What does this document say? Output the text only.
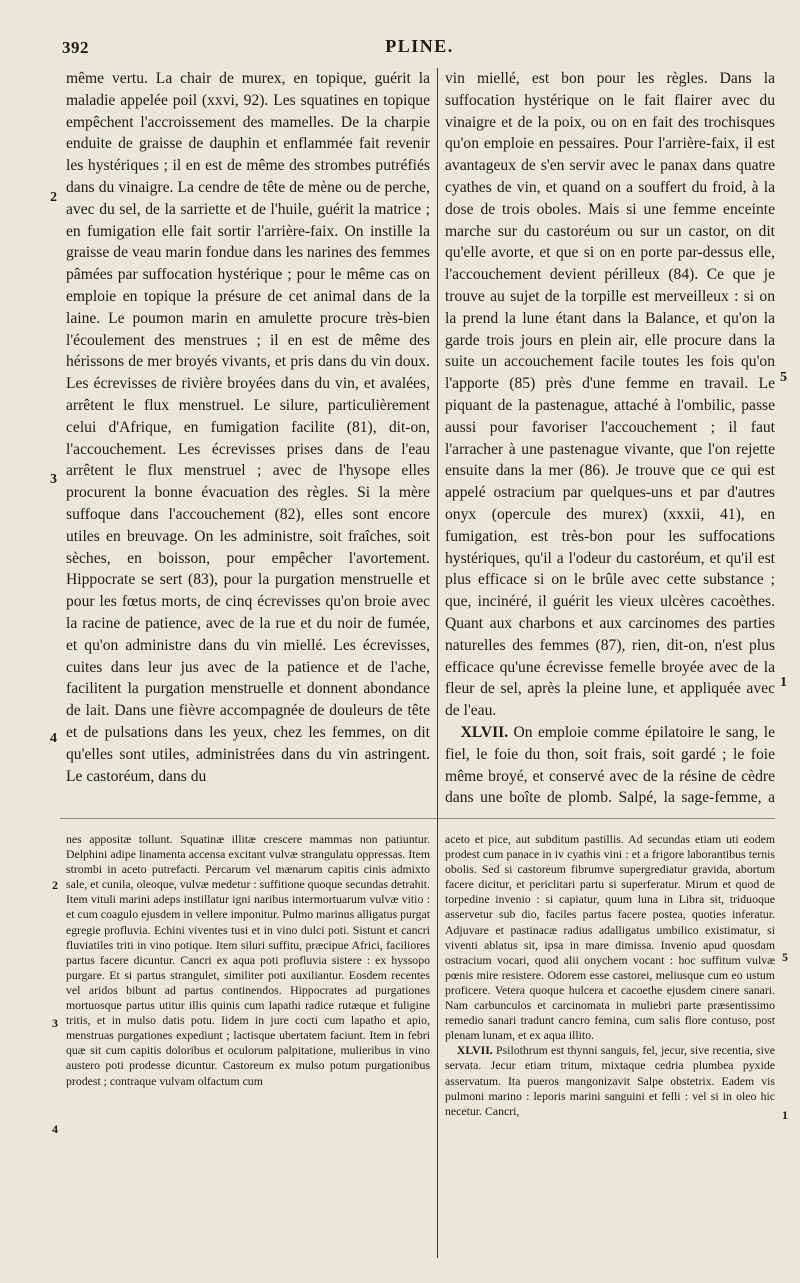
392	PLINE.

même vertu. La chair de murex, en topique, guérit la maladie appelée poil (xxvi, 92). Les squatines en topique empêchent l'accroissement des mamelles. De la charpie enduite de graisse de dauphin et enflammée fait revenir les hystériques ; il en est de même des strombes putréfiés dans du vinaigre. La cendre de tête de mène ou de perche, avec du sel, de la sarriette et de l'huile, guérit la matrice ; en fumigation elle fait sortir l'arrière-faix. On instille la graisse de veau marin fondue dans les narines des femmes pâmées par suffocation hystérique ; pour le même cas on emploie en topique la présure de cet animal dans de la laine. Le poumon marin en amulette procure très-bien l'écoulement des menstrues ; il en est de même des hérissons de mer broyés vivants, et pris dans du vin doux. Les écrevisses de rivière broyées dans du vin, et avalées, arrêtent le flux menstruel. Le silure, particulièrement celui d'Afrique, en fumigation facilite (81), dit-on, l'accouchement. Les écrevisses prises dans de l'eau arrêtent le flux menstruel ; avec de l'hysope elles procurent la bonne évacuation des règles. Si la mère suffoque dans l'accouchement (82), elles sont encore utiles en breuvage. On les administre, soit fraîches, soit sèches, en boisson, pour empêcher l'avortement. Hippocrate se sert (83), pour la purgation menstruelle et pour les fœtus morts, de cinq écrevisses qu'on broie avec la racine de patience, avec de la rue et du noir de fumée, et qu'on administre dans du vin miellé. Les écrevisses, cuites dans leur jus avec de la patience et de l'ache, facilitent la purgation menstruelle et donnent abondance de lait. Dans une fièvre accompagnée de douleurs de tête et de pulsations dans les yeux, chez les femmes, on dit qu'elles sont utiles, administrées dans du vin astringent. Le castoréum, dans du

vin miellé, est bon pour les règles. Dans la suffocation hystérique on le fait flairer avec du vinaigre et de la poix, ou on en fait des trochisques qu'on emploie en pessaires. Pour l'arrière-faix, il est avantageux de s'en servir avec le panax dans quatre cyathes de vin, et quand on a souffert du froid, à la dose de trois oboles. Mais si une femme enceinte marche sur du castoréum ou sur un castor, on dit qu'elle avorte, et que si on en porte par-dessus elle, l'accouchement devient périlleux (84). Ce que je trouve au sujet de la torpille est merveilleux : si on la prend la lune étant dans la Balance, et qu'on la garde trois jours en plein air, elle procure dans la suite un accouchement facile toutes les fois qu'on l'apporte (85) près d'une femme en travail. Le piquant de la pastenague, attaché à l'ombilic, passe aussi pour favoriser l'accouchement ; il faut l'arracher à une pastenague vivante, que l'on rejette ensuite dans la mer (86). Je trouve que ce qui est appelé ostracium par quelques-uns et par d'autres onyx (opercule des murex) (xxxii, 41), en fumigation, est très-bon pour les suffocations hystériques, qu'il a l'odeur du castoréum, et qu'il est plus efficace si on le brûle avec cette substance ; que, incinéré, il guérit les vieux ulcères cacoèthes. Quant aux charbons et aux carcinomes des parties naturelles des femmes (87), rien, dit-on, n'est plus efficace qu'une écrevisse femelle broyée avec de la fleur de sel, après la pleine lune, et appliquée avec de l'eau.

 XLVII. On emploie comme épilatoire le sang, le fiel, le foie du thon, soit frais, soit gardé ; le foie même broyé, et conservé avec de la résine de cèdre dans une boîte de plomb. Salpé, la sage-femme, a

nes appositæ tollunt. Squatinæ illitæ crescere mammas non patiuntur. Delphini adipe linamenta accensa excitant vulvæ strangulatu oppressas. Item strombi in aceto putrefacti. Percarum vel mænarum capitis cinis admixto sale, et cunila, oleoque, vulvæ medetur : suffitione quoque secundas detrahit. Item vituli marini adeps instillatur igni naribus intermortuarum vulvæ vitio : et cum coagulo ejusdem in vellere imponitur. Pulmo marinus alligatus purgat egregie profluvia. Echini viventes tusi et in vino dulci poti. Sistunt et cancri fluviatiles triti in vino potique. Item siluri suffitu, præcipue Africi, faciliores partus facere dicuntur. Cancri ex aqua poti profluvia sistere : ex hyssopo purgare. Et si partus strangulet, similiter poti auxiliantur. Eosdem recentes vel aridos bibunt ad partus continendos. Hippocrates ad purgationes mortuosque partus utitur illis quinis cum lapathi radice rutæque et fuligine tritis, et in mulso datis potu. Iidem in jure cocti cum lapatho et apio, menstruas purgationes expediunt ; lactisque ubertatem faciunt. Item in febri quæ sit cum capitis doloribus et oculorum palpitatione, mulieribus in vino austero poti prodesse dicuntur. Castoreum ex mulso potum purgationibus prodest ; contraque vulvam olfactum cum

aceto et pice, aut subditum pastillis. Ad secundas etiam uti eodem prodest cum panace in iv cyathis vini : et a frigore laborantibus ternis obolis. Sed si castoreum fibrumve supergrediatur gravida, abortum facere dicitur, et periclitari partu si superferatur. Mirum et quod de torpedine invenio : si capiatur, quum luna in Libra sit, triduoque asservetur sub dio, faciles partus facere postea, quoties inferatur. Adjuvare et pastinacæ radius adalligatus umbilico existimatur, si viventi ablatus sit, ipsa in mare dimissa. Invenio apud quosdam ostracium vocari, quod alii onychem vocant : hoc suffitum vulvæ pœnis mire resistere. Odorem esse castorei, meliusque cum eo ustum proficere. Vetera quoque hulcera et cacoethe ejusdem cinere sanari. Nam carbunculos et carcinomata in muliebri parte præsentissimo remedio sanari tradunt cancro femina, cum salis flore contuso, post plenam lunam, et ex aqua illito.

 XLVII. Psilothrum est thynni sanguis, fel, jecur, sive recentia, sive servata. Jecur etiam tritum, mixtaque cedria plumbea pyxide asservatum. Ita pueros mangonizavit Salpe obstetrix. Eadem vis pulmoni marino : leporis marini sanguini et felli : vel si in oleo hic necetur. Cancri,

2
3
4
5
1
2
3
4
5
1
